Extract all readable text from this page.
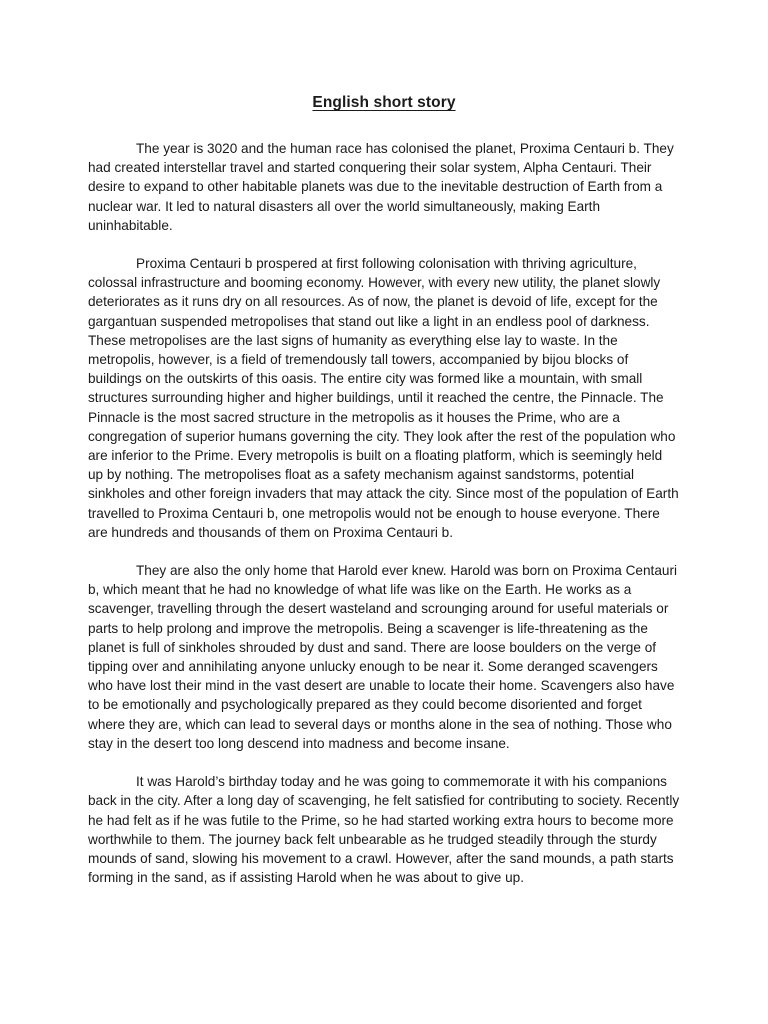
English short story

The year is 3020 and the human race has colonised the planet, Proxima Centauri b. They had created interstellar travel and started conquering their solar system, Alpha Centauri. Their desire to expand to other habitable planets was due to the inevitable destruction of Earth from a nuclear war. It led to natural disasters all over the world simultaneously, making Earth uninhabitable.

Proxima Centauri b prospered at first following colonisation with thriving agriculture, colossal infrastructure and booming economy. However, with every new utility, the planet slowly deteriorates as it runs dry on all resources. As of now, the planet is devoid of life, except for the gargantuan suspended metropolises that stand out like a light in an endless pool of darkness. These metropolises are the last signs of humanity as everything else lay to waste. In the metropolis, however, is a field of tremendously tall towers, accompanied by bijou blocks of buildings on the outskirts of this oasis. The entire city was formed like a mountain, with small structures surrounding higher and higher buildings, until it reached the centre, the Pinnacle. The Pinnacle is the most sacred structure in the metropolis as it houses the Prime, who are a congregation of superior humans governing the city. They look after the rest of the population who are inferior to the Prime. Every metropolis is built on a floating platform, which is seemingly held up by nothing. The metropolises float as a safety mechanism against sandstorms, potential sinkholes and other foreign invaders that may attack the city. Since most of the population of Earth travelled to Proxima Centauri b, one metropolis would not be enough to house everyone. There are hundreds and thousands of them on Proxima Centauri b.

They are also the only home that Harold ever knew. Harold was born on Proxima Centauri b, which meant that he had no knowledge of what life was like on the Earth. He works as a scavenger, travelling through the desert wasteland and scrounging around for useful materials or parts to help prolong and improve the metropolis. Being a scavenger is life-threatening as the planet is full of sinkholes shrouded by dust and sand. There are loose boulders on the verge of tipping over and annihilating anyone unlucky enough to be near it. Some deranged scavengers who have lost their mind in the vast desert are unable to locate their home. Scavengers also have to be emotionally and psychologically prepared as they could become disoriented and forget where they are, which can lead to several days or months alone in the sea of nothing. Those who stay in the desert too long descend into madness and become insane.

It was Harold’s birthday today and he was going to commemorate it with his companions back in the city. After a long day of scavenging, he felt satisfied for contributing to society. Recently he had felt as if he was futile to the Prime, so he had started working extra hours to become more worthwhile to them. The journey back felt unbearable as he trudged steadily through the sturdy mounds of sand, slowing his movement to a crawl. However, after the sand mounds, a path starts forming in the sand, as if assisting Harold when he was about to give up.
